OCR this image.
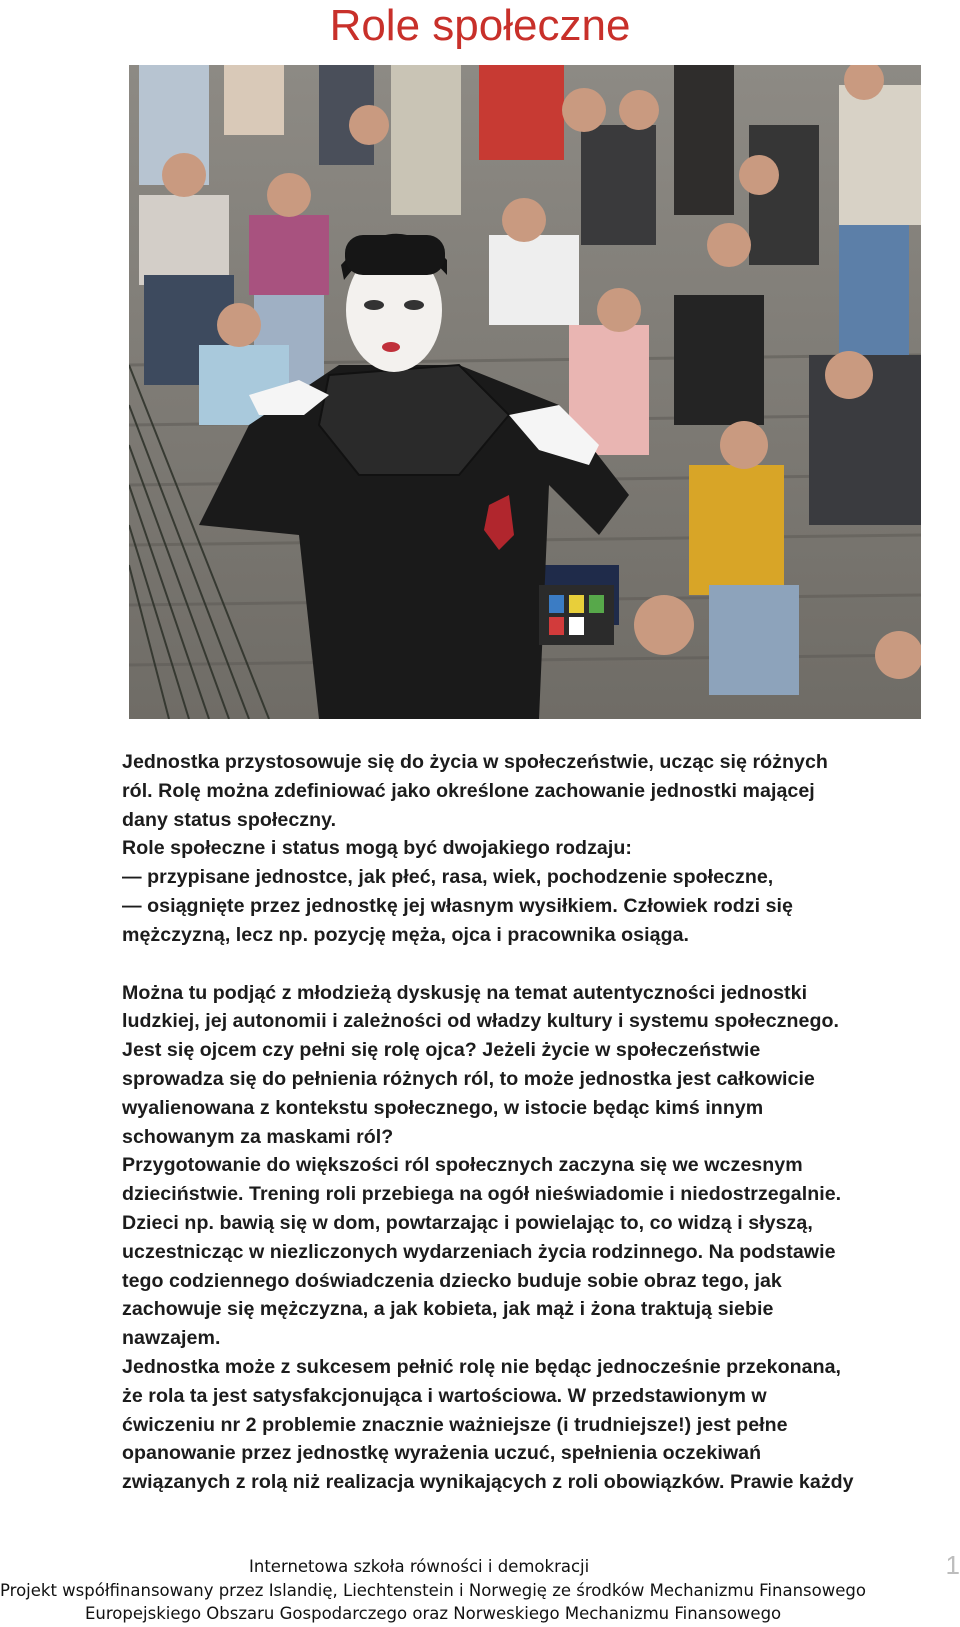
Role społeczne

Jednostka przystosowuje się do życia w społeczeństwie, ucząc się różnych

ról. Rolę można zdefiniować jako określone zachowanie jednostki mającej

dany status społeczny.

Role społeczne i status mogą być dwojakiego rodzaju:

— przypisane jednostce, jak płeć, rasa, wiek, pochodzenie społeczne,

— osiągnięte przez jednostkę jej własnym wysiłkiem. Człowiek rodzi się

mężczyzną, lecz np. pozycję męża, ojca i pracownika osiąga.

Można tu podjąć z młodzieżą dyskusję na temat autentyczności jednostki

ludzkiej, jej autonomii i zależności od władzy kultury i systemu społecznego.

Jest się ojcem czy pełni się rolę ojca? Jeżeli życie w społeczeństwie

sprowadza się do pełnienia różnych ról, to może jednostka jest całkowicie

wyalienowana z kontekstu społecznego, w istocie będąc kimś innym

schowanym za maskami ról?

Przygotowanie do większości ról społecznych zaczyna się we wczesnym

dzieciństwie. Trening roli przebiega na ogół nieświadomie i niedostrzegalnie.

Dzieci np. bawią się w dom, powtarzając i powielając to, co widzą i słyszą,

uczestnicząc w niezliczonych wydarzeniach życia rodzinnego. Na podstawie

tego codziennego doświadczenia dziecko buduje sobie obraz tego, jak

zachowuje się mężczyzna, a jak kobieta, jak mąż i żona traktują siebie

nawzajem.

Jednostka może z sukcesem pełnić rolę nie będąc jednocześnie przekonana,

że rola ta jest satysfakcjonująca i wartościowa. W przedstawionym w

ćwiczeniu nr 2 problemie znacznie ważniejsze (i trudniejsze!) jest pełne

opanowanie przez jednostkę wyrażenia uczuć, spełnienia oczekiwań

związanych z rolą niż realizacja wynikających z roli obowiązków. Prawie każdy

Internetowa szkoła równości i demokracji
Projekt współfinansowany przez Islandię, Liechtenstein i Norwegię ze środków Mechanizmu Finansowego
Europejskiego Obszaru Gospodarczego oraz Norweskiego Mechanizmu Finansowego
1
